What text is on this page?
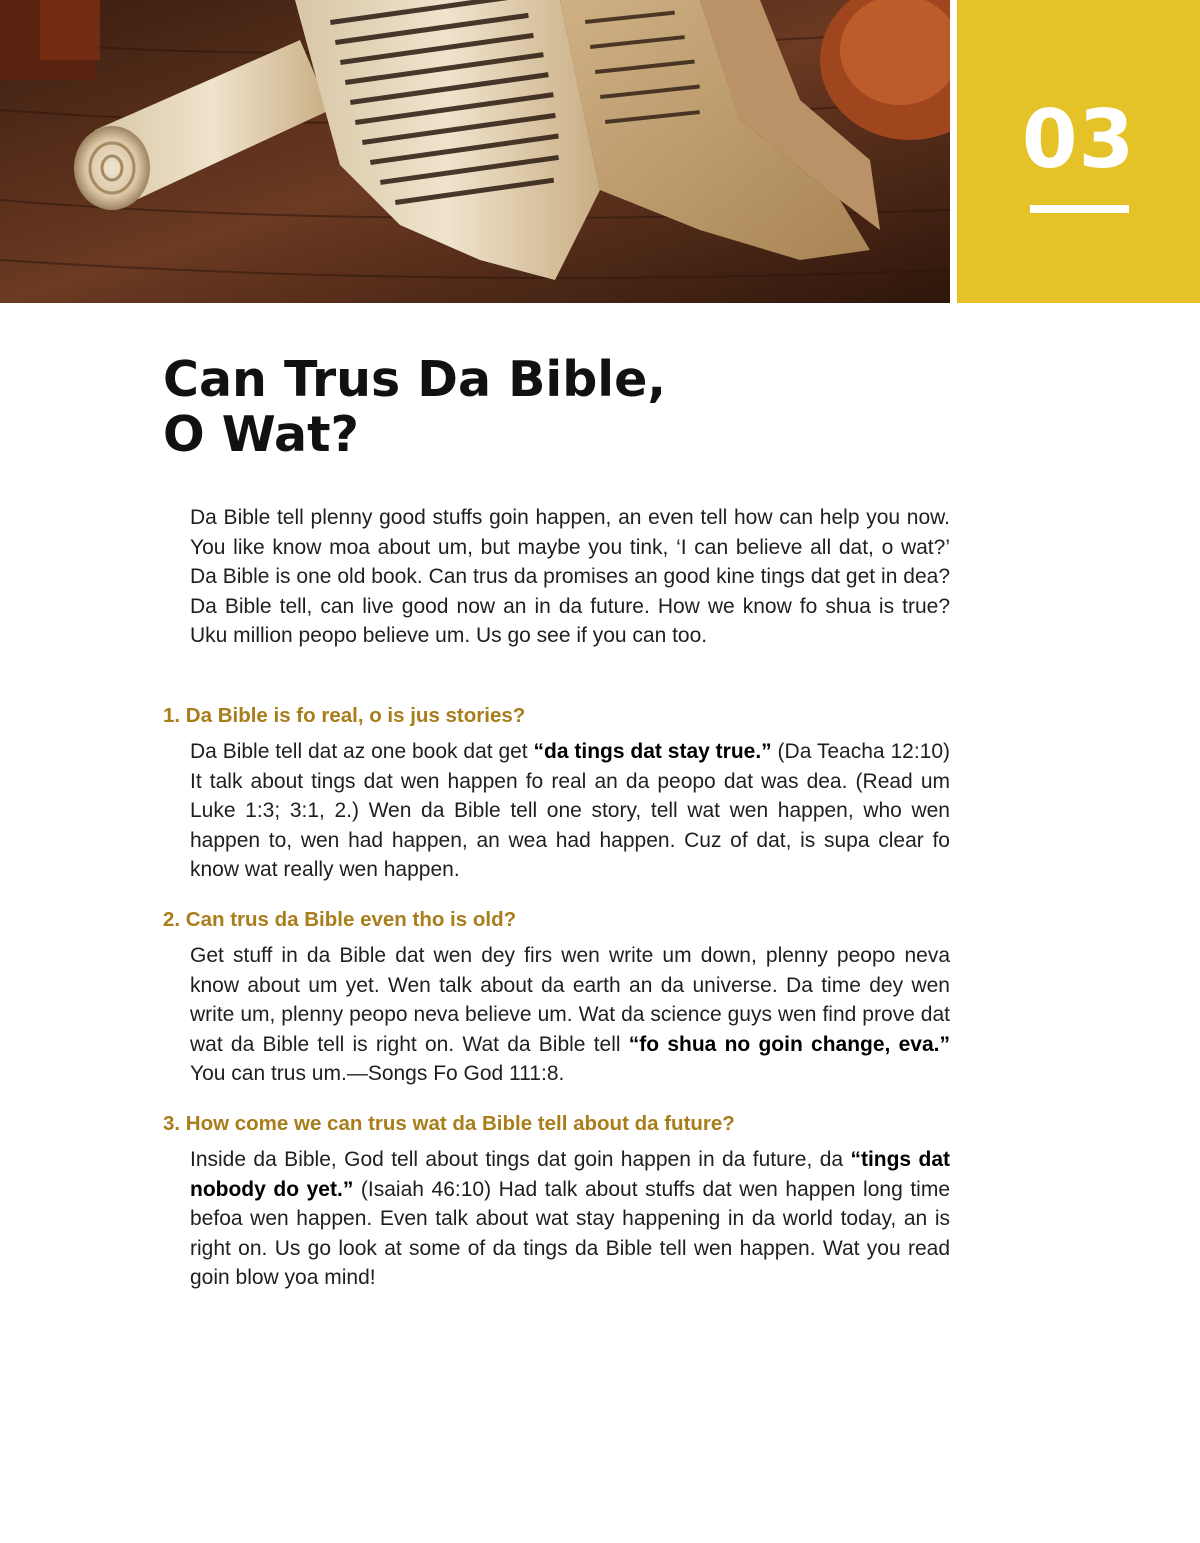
03
Can Trus Da Bible,
O Wat?

Da Bible tell plenny good stuffs goin happen, an even tell how can help you now. You like know moa about um, but maybe you tink, ‘I can believe all dat, o wat?’ Da Bible is one old book. Can trus da promises an good kine tings dat get in dea? Da Bible tell, can live good now an in da future. How we know fo shua is true? Uku million peopo believe um. Us go see if you can too.

1. Da Bible is fo real, o is jus stories?

Da Bible tell dat az one book dat get “da tings dat stay true.” (Da Teacha 12:10) It talk about tings dat wen happen fo real an da peopo dat was dea. (Read um Luke 1:3; 3:1, 2.) Wen da Bible tell one story, tell wat wen happen, who wen happen to, wen had happen, an wea had happen. Cuz of dat, is supa clear fo know wat really wen happen.

2. Can trus da Bible even tho is old?

Get stuff in da Bible dat wen dey firs wen write um down, plenny peopo neva know about um yet. Wen talk about da earth an da universe. Da time dey wen write um, plenny peopo neva believe um. Wat da science guys wen find prove dat wat da Bible tell is right on. Wat da Bible tell “fo shua no goin change, eva.” You can trus um.—Songs Fo God 111:8.

3. How come we can trus wat da Bible tell about da future?

Inside da Bible, God tell about tings dat goin happen in da future, da “tings dat nobody do yet.” (Isaiah 46:10) Had talk about stuffs dat wen happen long time befoa wen happen. Even talk about wat stay happening in da world today, an is right on. Us go look at some of da tings da Bible tell wen happen. Wat you read goin blow yoa mind!
